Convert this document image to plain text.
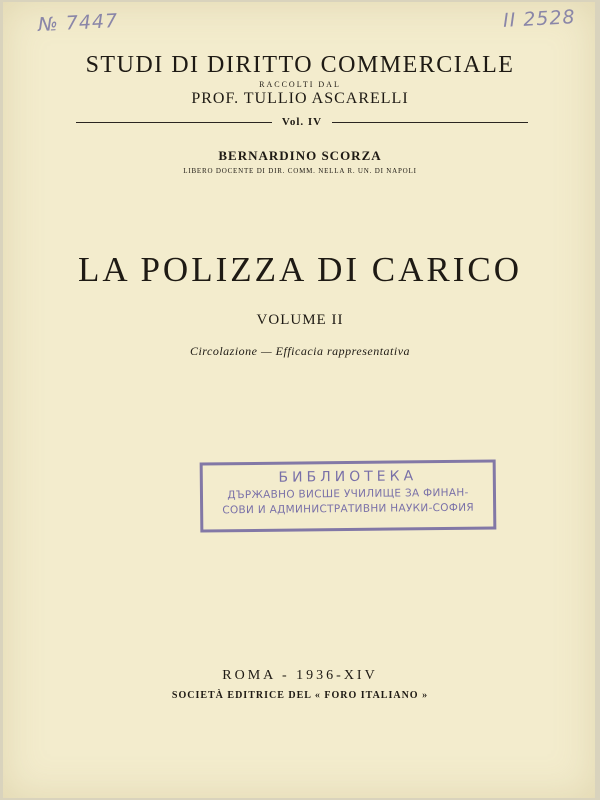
№ 7447	II 2528
STUDI DI DIRITTO COMMERCIALE
RACCOLTI DAL
PROF. TULLIO ASCARELLI
Vol. IV
BERNARDINO SCORZA
LIBERO DOCENTE DI DIR. COMM. NELLA R. UN. DI NAPOLI
LA POLIZZA DI CARICO
VOLUME II
Circolazione — Efficacia rappresentativa
БИБЛИОТЕКА
ДЪРЖАВНО ВИСШЕ УЧИЛИЩЕ ЗА ФИНАН-
СОВИ И АДМИНИСТРАТИВНИ НАУКИ-СОФИЯ
ROMA - 1936-XIV
SOCIETÀ EDITRICE DEL « FORO ITALIANO »
